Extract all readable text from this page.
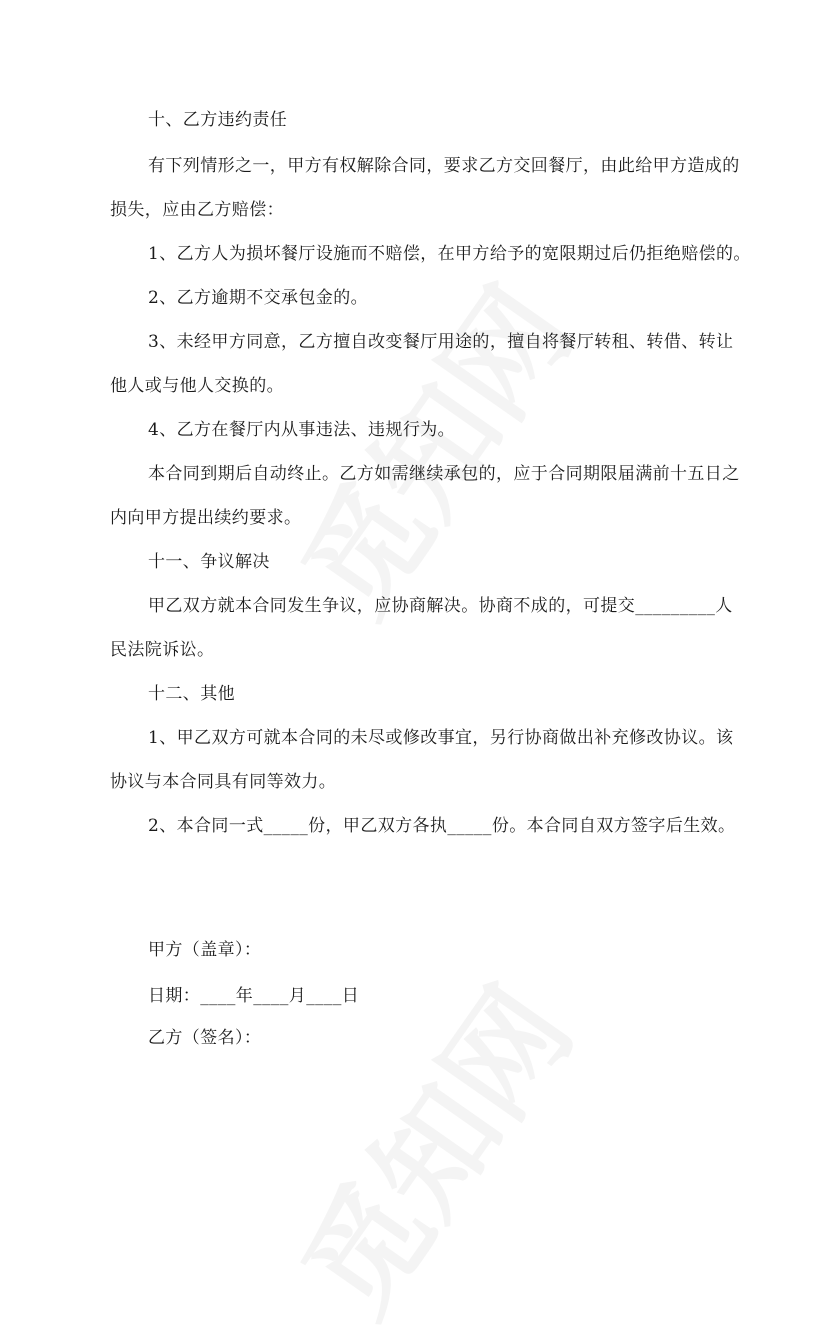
十、乙方违约责任
有下列情形之一，甲方有权解除合同，要求乙方交回餐厅，由此给甲方造成的
损失，应由乙方赔偿：
1、乙方人为损坏餐厅设施而不赔偿，在甲方给予的宽限期过后仍拒绝赔偿的。
2、乙方逾期不交承包金的。
3、未经甲方同意，乙方擅自改变餐厅用途的，擅自将餐厅转租、转借、转让
他人或与他人交换的。
4、乙方在餐厅内从事违法、违规行为。
本合同到期后自动终止。乙方如需继续承包的，应于合同期限届满前十五日之
内向甲方提出续约要求。
十一、争议解决
甲乙双方就本合同发生争议，应协商解决。协商不成的，可提交_________人
民法院诉讼。
十二、其他
1、甲乙双方可就本合同的未尽或修改事宜，另行协商做出补充修改协议。该
协议与本合同具有同等效力。
2、本合同一式_____份，甲乙双方各执_____份。本合同自双方签字后生效。
甲方（盖章）：
日期：____年____月____日
乙方（签名）：
